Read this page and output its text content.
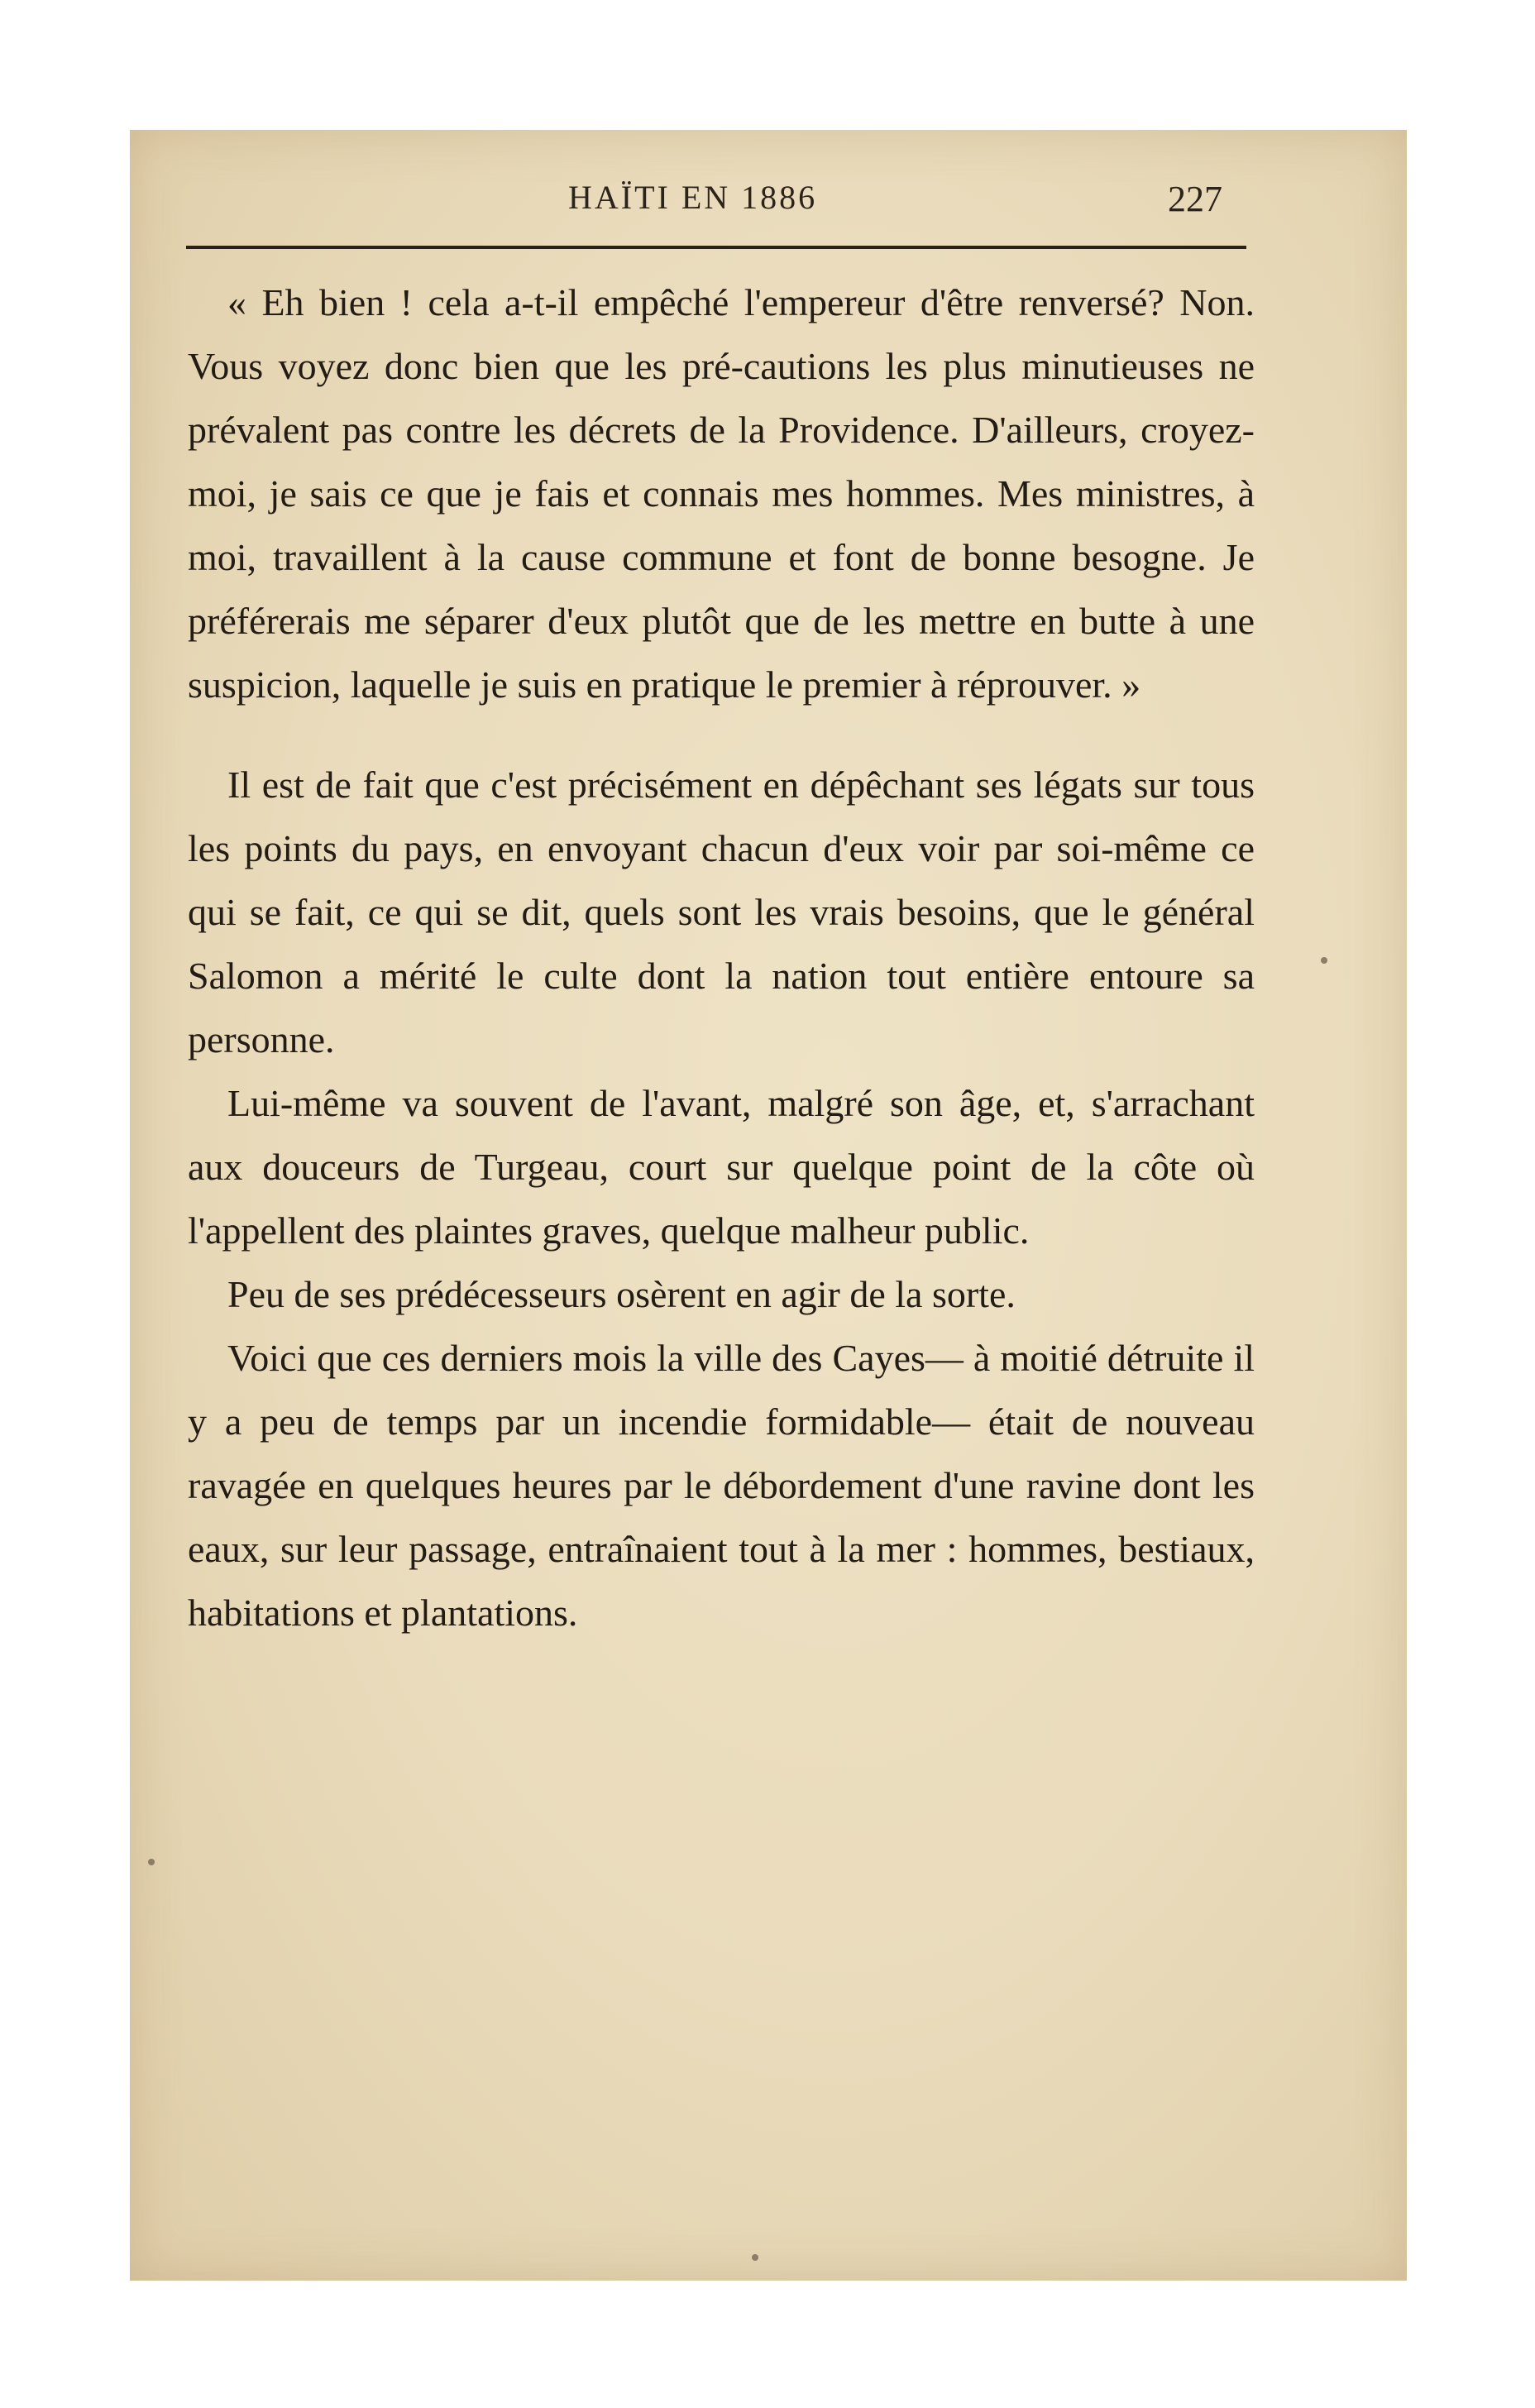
HAÏTI EN 1886	227

« Eh bien ! cela a-t-il empêché l'empereur d'être renversé? Non. Vous voyez donc bien que les pré-cautions les plus minutieuses ne prévalent pas contre les décrets de la Providence. D'ailleurs, croyez-moi, je sais ce que je fais et connais mes hommes. Mes ministres, à moi, travaillent à la cause commune et font de bonne besogne. Je préférerais me séparer d'eux plutôt que de les mettre en butte à une suspicion, laquelle je suis en pratique le premier à réprouver. »

Il est de fait que c'est précisément en dépêchant ses légats sur tous les points du pays, en envoyant chacun d'eux voir par soi-même ce qui se fait, ce qui se dit, quels sont les vrais besoins, que le général Salomon a mérité le culte dont la nation tout entière entoure sa personne.

Lui-même va souvent de l'avant, malgré son âge, et, s'arrachant aux douceurs de Turgeau, court sur quelque point de la côte où l'appellent des plaintes graves, quelque malheur public.

Peu de ses prédécesseurs osèrent en agir de la sorte.

Voici que ces derniers mois la ville des Cayes— à moitié détruite il y a peu de temps par un incendie formidable— était de nouveau ravagée en quelques heures par le débordement d'une ravine dont les eaux, sur leur passage, entraînaient tout à la mer : hommes, bestiaux, habitations et plantations.
